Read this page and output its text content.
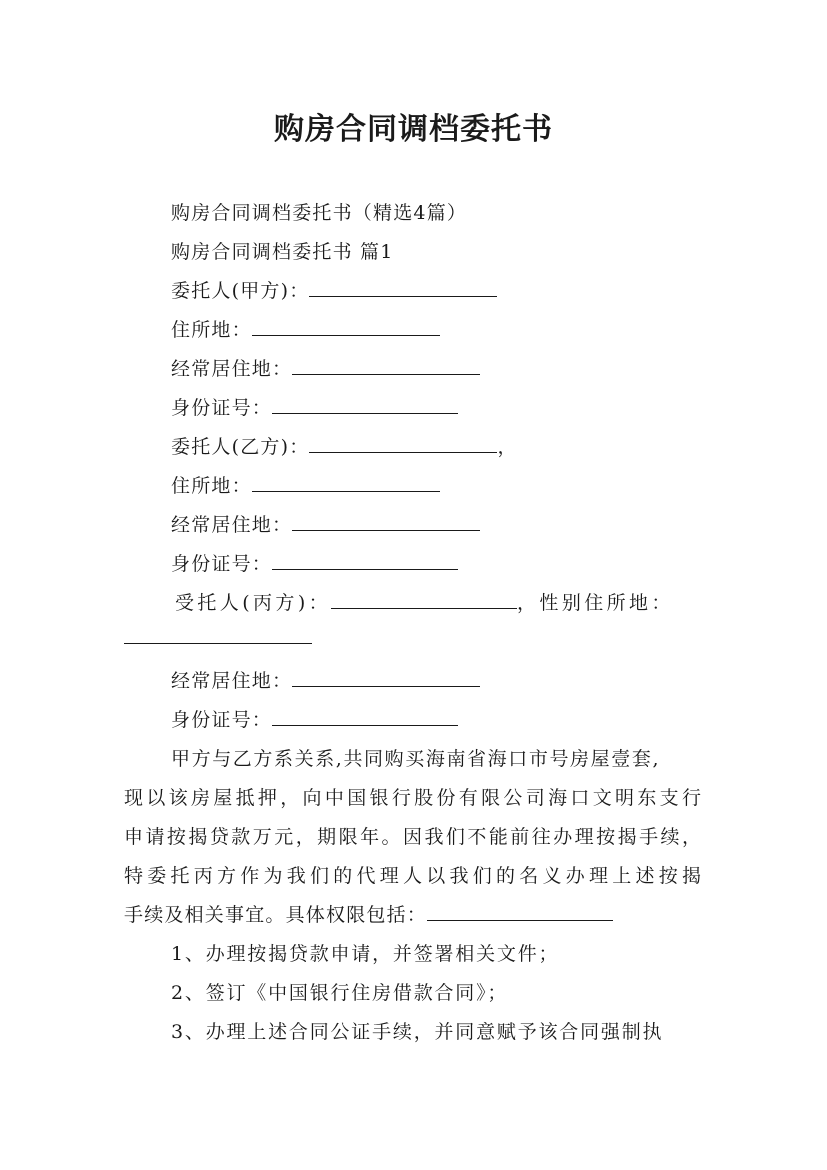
购房合同调档委托书
购房合同调档委托书（精选4篇）
购房合同调档委托书 篇1
委托人(甲方)：
住所地：
经常居住地：
身份证号：
委托人(乙方)：	，
住所地：
经常居住地：
身份证号：
受托人(丙方)：	，性别住所地：
经常居住地：
身份证号：
甲方与乙方系关系,共同购买海南省海口市号房屋壹套,
现以该房屋抵押，向中国银行股份有限公司海口文明东支行
申请按揭贷款万元，期限年。因我们不能前往办理按揭手续，
特委托丙方作为我们的代理人以我们的名义办理上述按揭
手续及相关事宜。具体权限包括：
1、办理按揭贷款申请，并签署相关文件；
2、签订《中国银行住房借款合同》；
3、办理上述合同公证手续，并同意赋予该合同强制执
